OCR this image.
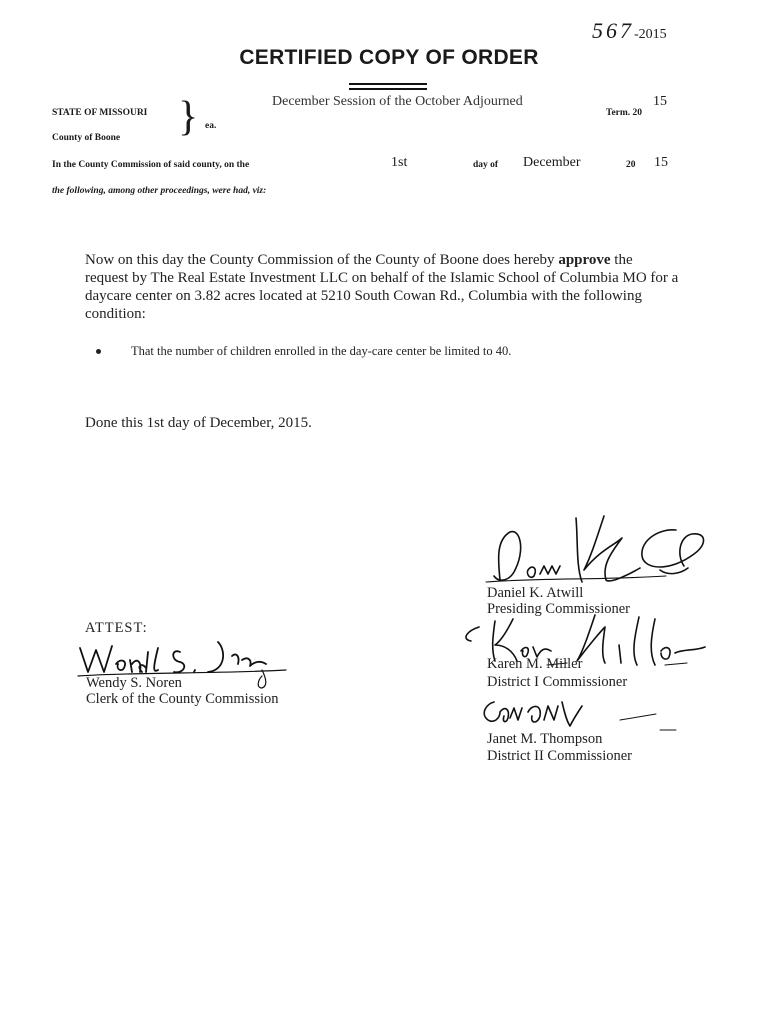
567-2015
CERTIFIED COPY OF ORDER
STATE OF MISSOURI
County of Boone } ea.
December Session of the October Adjourned
Term. 20
15
In the County Commission of said county, on the	1st	day of December	20 15
the following, among other proceedings, were had, viz:
Now on this day the County Commission of the County of Boone does hereby approve the
request by The Real Estate Investment LLC on behalf of the Islamic School of Columbia MO for a
daycare center on 3.82 acres located at 5210 South Cowan Rd., Columbia with the following
condition:
That the number of children enrolled in the day-care center be limited to 40.
Done this 1st day of December, 2015.
ATTEST:
Wendy S. Noren
Clerk of the County Commission
Daniel K. Atwill
Presiding Commissioner
Karen M. Miller
District I Commissioner
Janet M. Thompson
District II Commissioner
